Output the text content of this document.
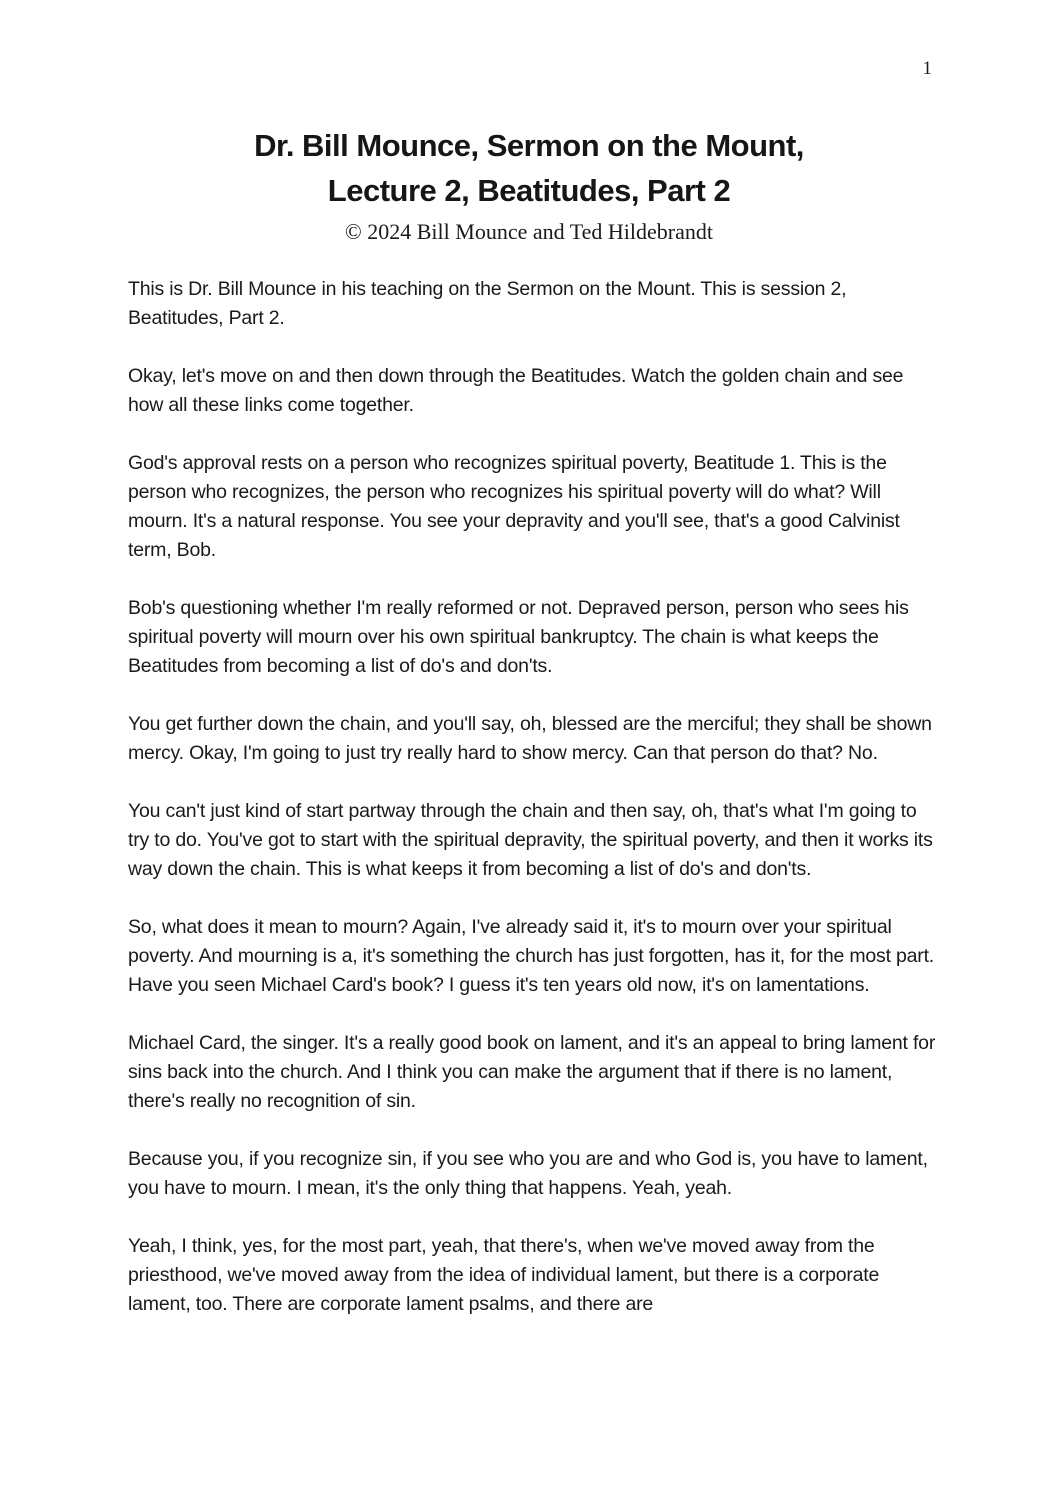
1
Dr. Bill Mounce, Sermon on the Mount,
Lecture 2, Beatitudes, Part 2
© 2024 Bill Mounce and Ted Hildebrandt

This is Dr. Bill Mounce in his teaching on the Sermon on the Mount. This is session 2, Beatitudes, Part 2.

Okay, let's move on and then down through the Beatitudes. Watch the golden chain and see how all these links come together.

God's approval rests on a person who recognizes spiritual poverty, Beatitude 1. This is the person who recognizes, the person who recognizes his spiritual poverty will do what? Will mourn. It's a natural response. You see your depravity and you'll see, that's a good Calvinist term, Bob.

Bob's questioning whether I'm really reformed or not. Depraved person, person who sees his spiritual poverty will mourn over his own spiritual bankruptcy. The chain is what keeps the Beatitudes from becoming a list of do's and don'ts.

You get further down the chain, and you'll say, oh, blessed are the merciful; they shall be shown mercy. Okay, I'm going to just try really hard to show mercy. Can that person do that? No.

You can't just kind of start partway through the chain and then say, oh, that's what I'm going to try to do. You've got to start with the spiritual depravity, the spiritual poverty, and then it works its way down the chain. This is what keeps it from becoming a list of do's and don'ts.

So, what does it mean to mourn? Again, I've already said it, it's to mourn over your spiritual poverty. And mourning is a, it's something the church has just forgotten, has it, for the most part. Have you seen Michael Card's book? I guess it's ten years old now, it's on lamentations.

Michael Card, the singer. It's a really good book on lament, and it's an appeal to bring lament for sins back into the church. And I think you can make the argument that if there is no lament, there's really no recognition of sin.

Because you, if you recognize sin, if you see who you are and who God is, you have to lament, you have to mourn. I mean, it's the only thing that happens. Yeah, yeah.

Yeah, I think, yes, for the most part, yeah, that there's, when we've moved away from the priesthood, we've moved away from the idea of individual lament, but there is a corporate lament, too. There are corporate lament psalms, and there are
